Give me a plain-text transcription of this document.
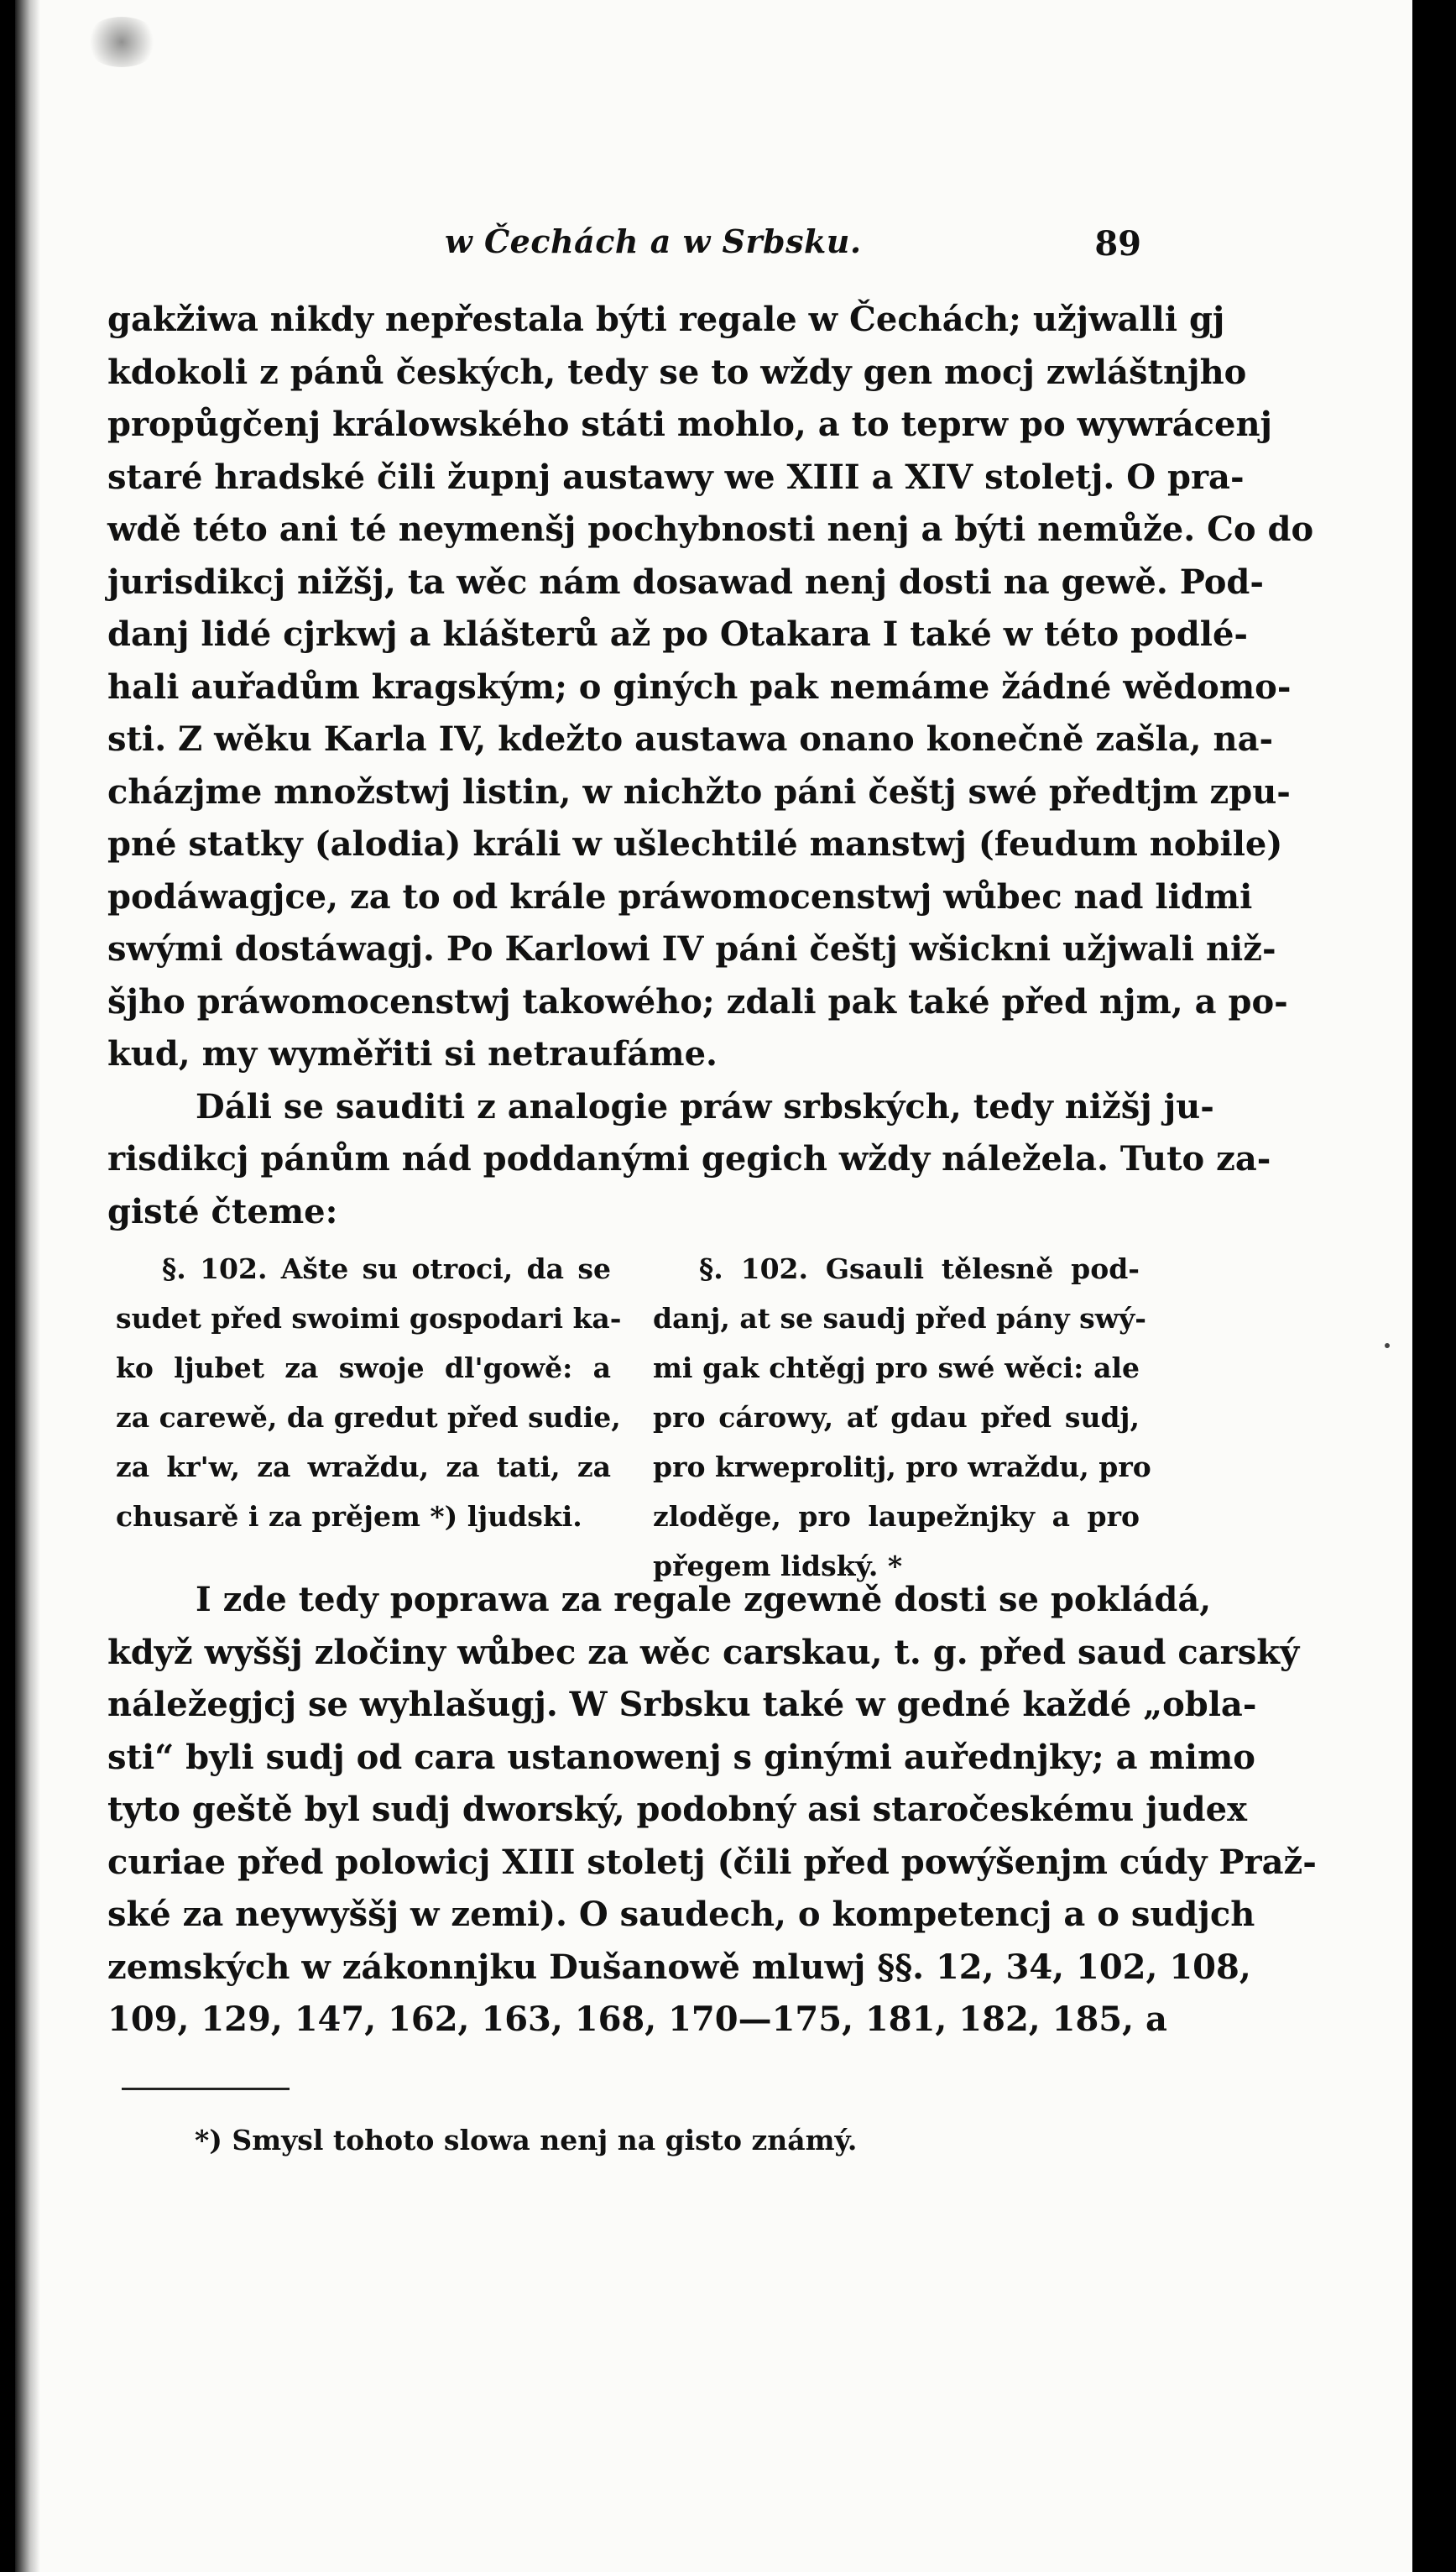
w Čechách a w Srbsku.	89
gakžiwa nikdy nepřestala býti regale w Čechách; užjwalli gj
kdokoli z pánů českých, tedy se to wždy gen mocj zwláštnjho
propůgčenj králowského státi mohlo, a to teprw po wywrácenj
staré hradské čili župnj austawy we XIII a XIV stoletj. O pra-
wdě této ani té neymenšj pochybnosti nenj a býti nemůže. Co do
jurisdikcj nižšj, ta wěc nám dosawad nenj dosti na gewě. Pod-
danj lidé cjrkwj a klášterů až po Otakara I také w této podlé-
hali auřadům kragským; o giných pak nemáme žádné wědomo-
sti. Z wěku Karla IV, kdežto austawa onano konečně zašla, na-
cházjme množstwj listin, w nichžto páni češtj swé předtjm zpu-
pné statky (alodia) králi w ušlechtilé manstwj (feudum nobile)
podáwagjce, za to od krále práwomocenstwj wůbec nad lidmi
swými dostáwagj. Po Karlowi IV páni češtj wšickni užjwali niž-
šjho práwomocenstwj takowého; zdali pak také před njm, a po-
kud, my wyměřiti si netraufáme.
Dáli se sauditi z analogie práw srbských, tedy nižšj ju-
risdikcj pánům nád poddanými gegich wždy náležela. Tuto za-
gisté čteme:
§. 102. Ašte su otroci, da se
sudet před swoimi gospodari ka-
ko ljubet za swoje dl'gowě: a
za carewě, da gredut před sudie,
za kr'w, za wraždu, za tati, za
chusarě i za prějem *) ljudski.
§. 102. Gsauli tělesně pod-
danj, at se saudj před pány swý-
mi gak chtěgj pro swé wěci: ale
pro cárowy, ať gdau před sudj,
pro krweprolitj, pro wraždu, pro
zloděge, pro laupežnjky a pro
přegem lidský. *
I zde tedy poprawa za regale zgewně dosti se pokládá,
když wyššj zločiny wůbec za wěc carskau, t. g. před saud carský
náležegjcj se wyhlašugj. W Srbsku také w gedné každé „obla-
sti“ byli sudj od cara ustanowenj s ginými auřednjky; a mimo
tyto geště byl sudj dworský, podobný asi staročeskému judex
curiae před polowicj XIII stoletj (čili před powýšenjm cúdy Praž-
ské za neywyššj w zemi). O saudech, o kompetencj a o sudjch
zemských w zákonnjku Dušanowě mluwj §§. 12, 34, 102, 108,
109, 129, 147, 162, 163, 168, 170—175, 181, 182, 185, a
*) Smysl tohoto slowa nenj na gisto známý.
